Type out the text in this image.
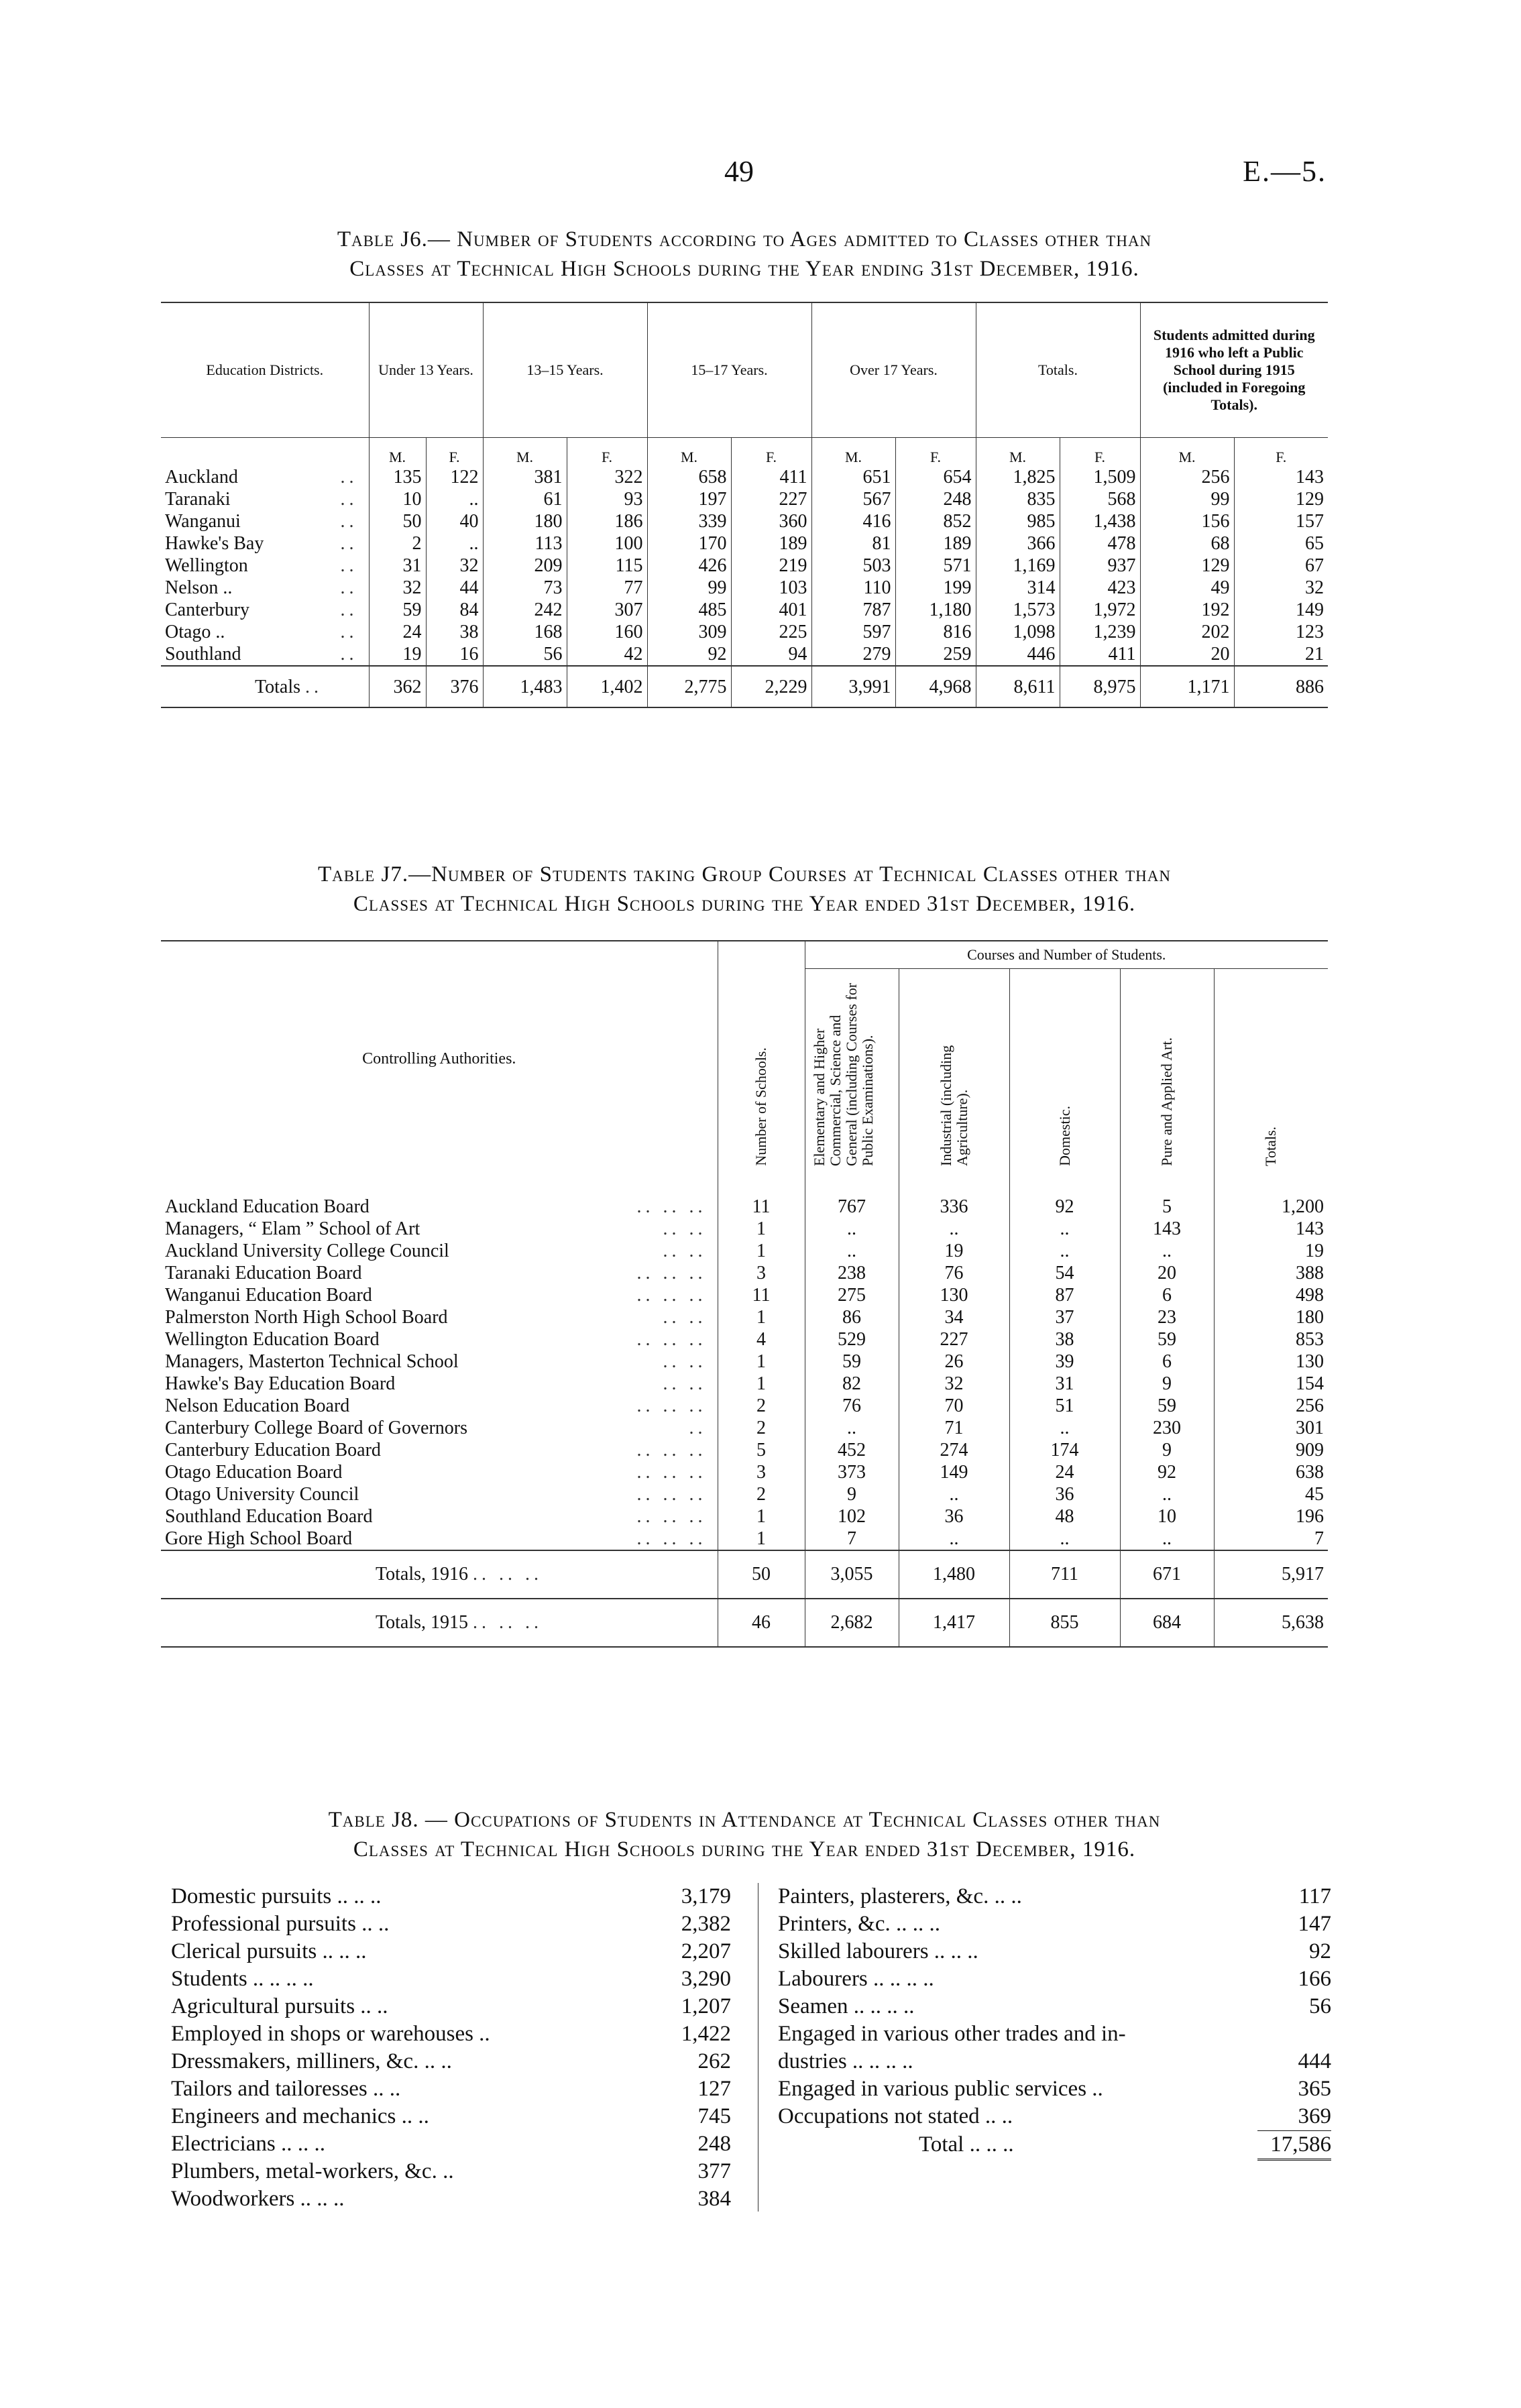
49	E.—5.
Table J6.— Number of Students according to Ages admitted to Classes other than
Classes at Technical High Schools during the Year ending 31st December, 1916.
Education Districts.	Under 13 Years.		13–15 Years.		15–17 Years.		Over 17 Years.		Totals.		Students admitted during 1916 who left a Public School during 1915 (included in Foregoing Totals).	
	M.	F.	M.	F.	M.	F.	M.	F.	M.	F.	M.	F.
Auckland ..	135	122	381	322	658	411	651	654	1,825	1,509	256	143
Taranaki ..	10	..	61	93	197	227	567	248	835	568	99	129
Wanganui ..	50	40	180	186	339	360	416	852	985	1,438	156	157
Hawke's Bay ..	2	..	113	100	170	189	81	189	366	478	68	65
Wellington ..	31	32	209	115	426	219	503	571	1,169	937	129	67
Nelson .. ..	32	44	73	77	99	103	110	199	314	423	49	32
Canterbury ..	59	84	242	307	485	401	787	1,180	1,573	1,972	192	149
Otago .. ..	24	38	168	160	309	225	597	816	1,098	1,239	202	123
Southland ..	19	16	56	42	92	94	279	259	446	411	20	21
Totals ..	362	376	1,483	1,402	2,775	2,229	3,991	4,968	8,611	8,975	1,171	886
Table J7.—Number of Students taking Group Courses at Technical Classes other than
Classes at Technical High Schools during the Year ended 31st December, 1916.
Controlling Authorities.	Number of Schools.	Courses and Number of Students.				
		Elementary and Higher Commercial, Science and General (including Courses for Public Examinations).	Industrial (including Agriculture).	Domestic.	Pure and Applied Art.	Totals.
Auckland Education Board .. .. ..	11	767	336	92	5	1,200
Managers, “ Elam ” School of Art .. ..	1	..	..	..	143	143
Auckland University College Council .. ..	1	..	19	..	..	19
Taranaki Education Board .. .. ..	3	238	76	54	20	388
Wanganui Education Board .. .. ..	11	275	130	87	6	498
Palmerston North High School Board .. ..	1	86	34	37	23	180
Wellington Education Board .. .. ..	4	529	227	38	59	853
Managers, Masterton Technical School .. ..	1	59	26	39	6	130
Hawke's Bay Education Board .. ..	1	82	32	31	9	154
Nelson Education Board .. .. ..	2	76	70	51	59	256
Canterbury College Board of Governors ..	2	..	71	..	230	301
Canterbury Education Board .. .. ..	5	452	274	174	9	909
Otago Education Board .. .. ..	3	373	149	24	92	638
Otago University Council .. .. ..	2	9	..	36	..	45
Southland Education Board .. .. ..	1	102	36	48	10	196
Gore High School Board .. .. ..	1	7	..	..	..	7
Totals, 1916 .. .. ..	50	3,055	1,480	711	671	5,917
Totals, 1915 .. .. ..	46	2,682	1,417	855	684	5,638
Table J8. — Occupations of Students in Attendance at Technical Classes other than
Classes at Technical High Schools during the Year ended 31st December, 1916.
Domestic pursuits .. .. ..	3,179
Professional pursuits .. ..	2,382
Clerical pursuits .. .. ..	2,207
Students .. .. .. ..	3,290
Agricultural pursuits .. ..	1,207
Employed in shops or warehouses ..	1,422
Dressmakers, milliners, &c. .. ..	262
Tailors and tailoresses .. ..	127
Engineers and mechanics .. ..	745
Electricians .. .. ..	248
Plumbers, metal-workers, &c. ..	377
Woodworkers .. .. ..	384
Painters, plasterers, &c. .. ..	117
Printers, &c. .. .. ..	147
Skilled labourers .. .. ..	92
Labourers .. .. .. ..	166
Seamen .. .. .. ..	56
Engaged in various other trades and in-
dustries .. .. .. ..	444
Engaged in various public services ..	365
Occupations not stated .. ..	369
Total .. .. ..	17,586
